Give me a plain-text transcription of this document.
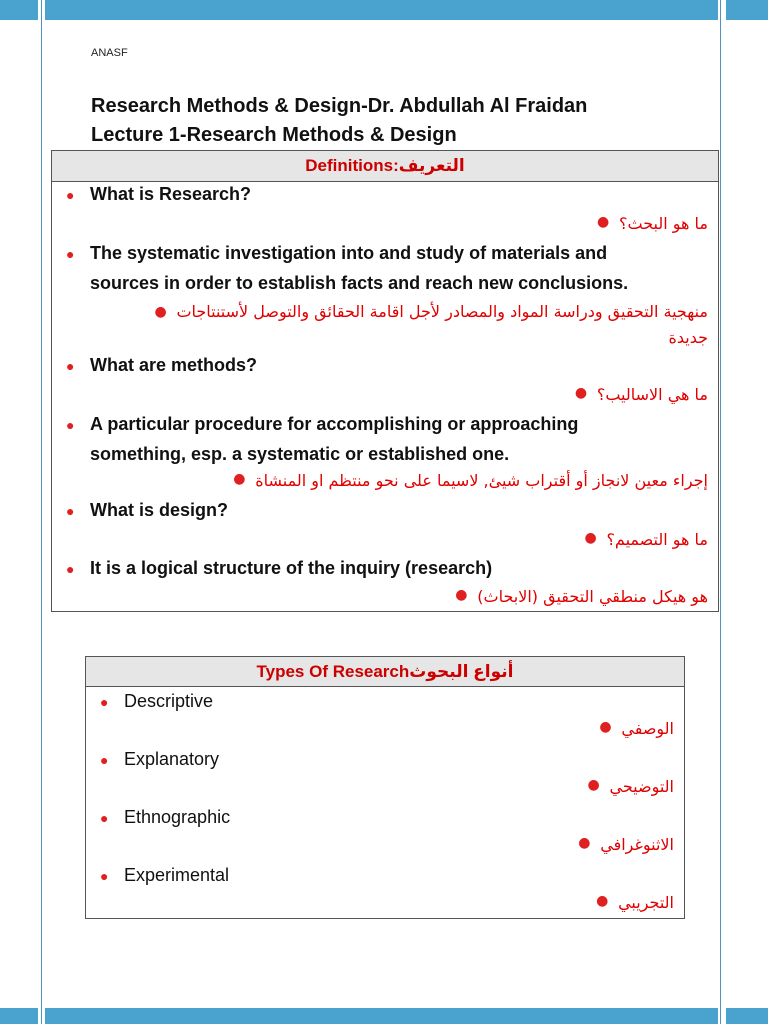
ANASF
Research Methods & Design-Dr. Abdullah Al Fraidan
Lecture 1-Research Methods & Design
Definitions:التعريف
● What is Research?
ما هو البحث؟
●
● The systematic investigation into and study of materials and
sources in order to establish facts and reach new conclusions.
منهجية التحقيق ودراسة المواد والمصادر لأجل اقامة الحقائق والتوصل لأستنتاجات
●

جديدة
● What are methods?
ما هي الاساليب؟
●
● A particular procedure for accomplishing or approaching
something, esp. a systematic or established one.
إجراء معين لانجاز أو أقتراب شيئ, لاسيما على نحو منتظم او المنشاة
●
● What is design?
ما هو التصميم؟
●
● It is a logical structure of the inquiry (research)
هو هيكل منطقي التحقيق (الابحاث)
●
Types Of Researchأنواع البحوث
● Descriptive
الوصفي
●
● Explanatory
التوضيحي
●
● Ethnographic
الاثنوغرافي
●
● Experimental
التجريبي
●
